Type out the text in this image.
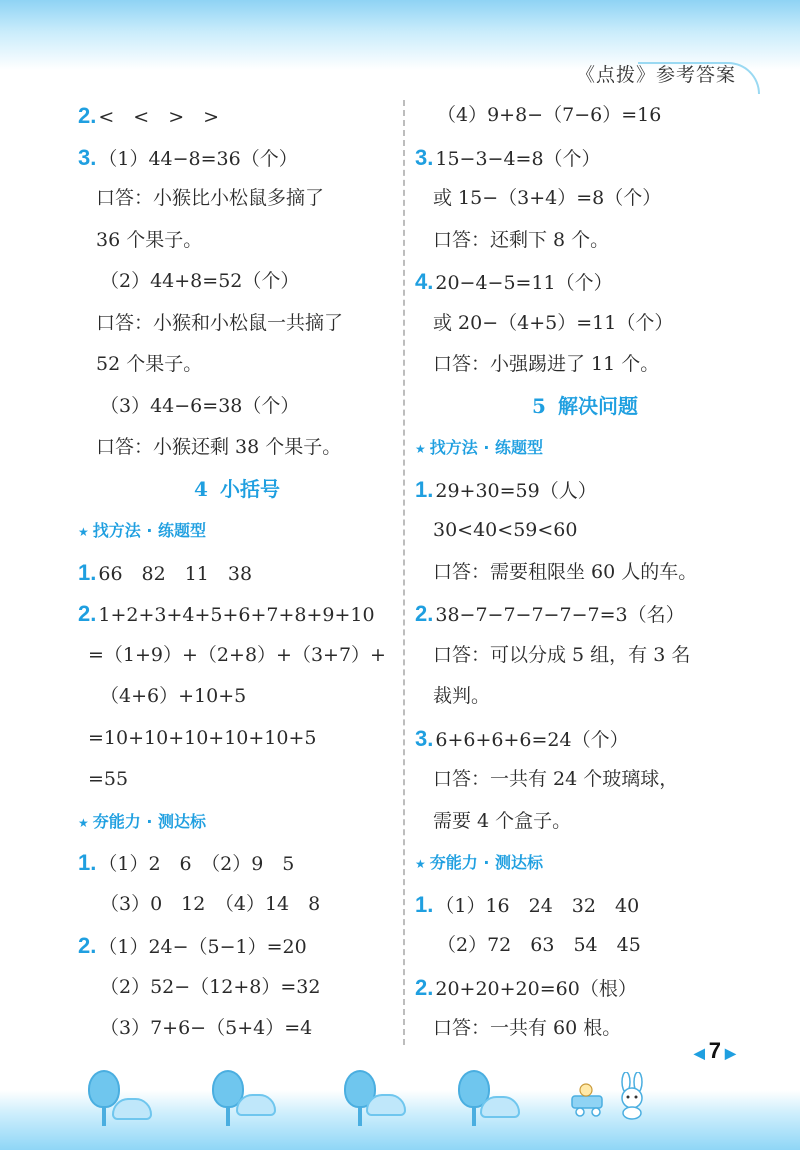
《点拨》参考答案
2. <　<　>　>
3. （1）44−8=36（个）
口答：小猴比小松鼠多摘了
36 个果子。
（2）44+8=52（个）
口答：小猴和小松鼠一共摘了
52 个果子。
（3）44−6=38（个）
口答：小猴还剩 38 个果子。
4 小括号
★ 找方法 · 练题型
1. 66　82　11　38
2. 1+2+3+4+5+6+7+8+9+10
=（1+9）+（2+8）+（3+7）+
（4+6）+10+5
=10+10+10+10+10+5
=55
★ 夯能力 · 测达标
1. （1）2　6　（2）9　5
（3）0　12　（4）14　8
2. （1）24−（5−1）=20
（2）52−（12+8）=32
（3）7+6−（5+4）=4
（4）9+8−（7−6）=16
3. 15−3−4=8（个）
或 15−（3+4）=8（个）
口答：还剩下 8 个。
4. 20−4−5=11（个）
或 20−（4+5）=11（个）
口答：小强踢进了 11 个。
5 解决问题
★ 找方法 · 练题型
1. 29+30=59（人）
30<40<59<60
口答：需要租限坐 60 人的车。
2. 38−7−7−7−7−7=3（名）
口答：可以分成 5 组，有 3 名
裁判。
3. 6+6+6+6=24（个）
口答：一共有 24 个玻璃球，
需要 4 个盒子。
★ 夯能力 · 测达标
1. （1）16　24　32　40
（2）72　63　54　45
2. 20+20+20=60（根）
口答：一共有 60 根。
◀ 7 ▶
